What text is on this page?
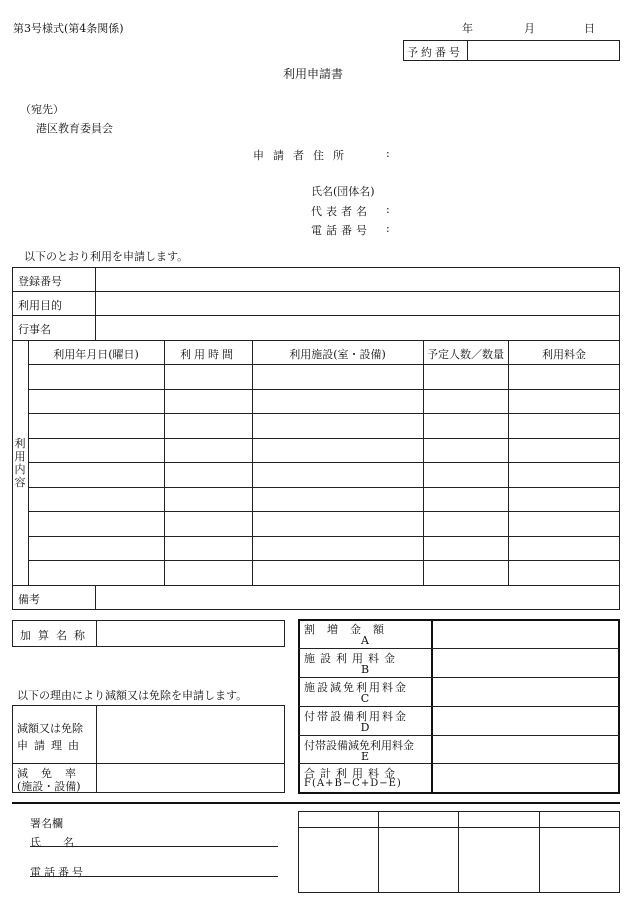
第3号様式(第4条関係)	年	月	日
予約番号
利用申請書
（宛先）
港区教育委員会
申請者住所	:
氏名(団体名)
代表者名 :
電話番号 :
以下のとおり利用を申請します。
登録番号
利用目的
行事名
利用内容
利用年月日(曜日)	利用時間	利用施設(室・設備)	予定人数／数量	利用料金
備考
加算名称
以下の理由により減額又は免除を申請します。
減額又は免除
申請理由
減免率
(施設・設備)
割増金額
A
施設利用料金
B
施設減免利用料金
C
付帯設備利用料金
D
付帯設備減免利用料金
E
合計利用料金
F(A+B−C+D−E)
署名欄
氏名
電話番号
